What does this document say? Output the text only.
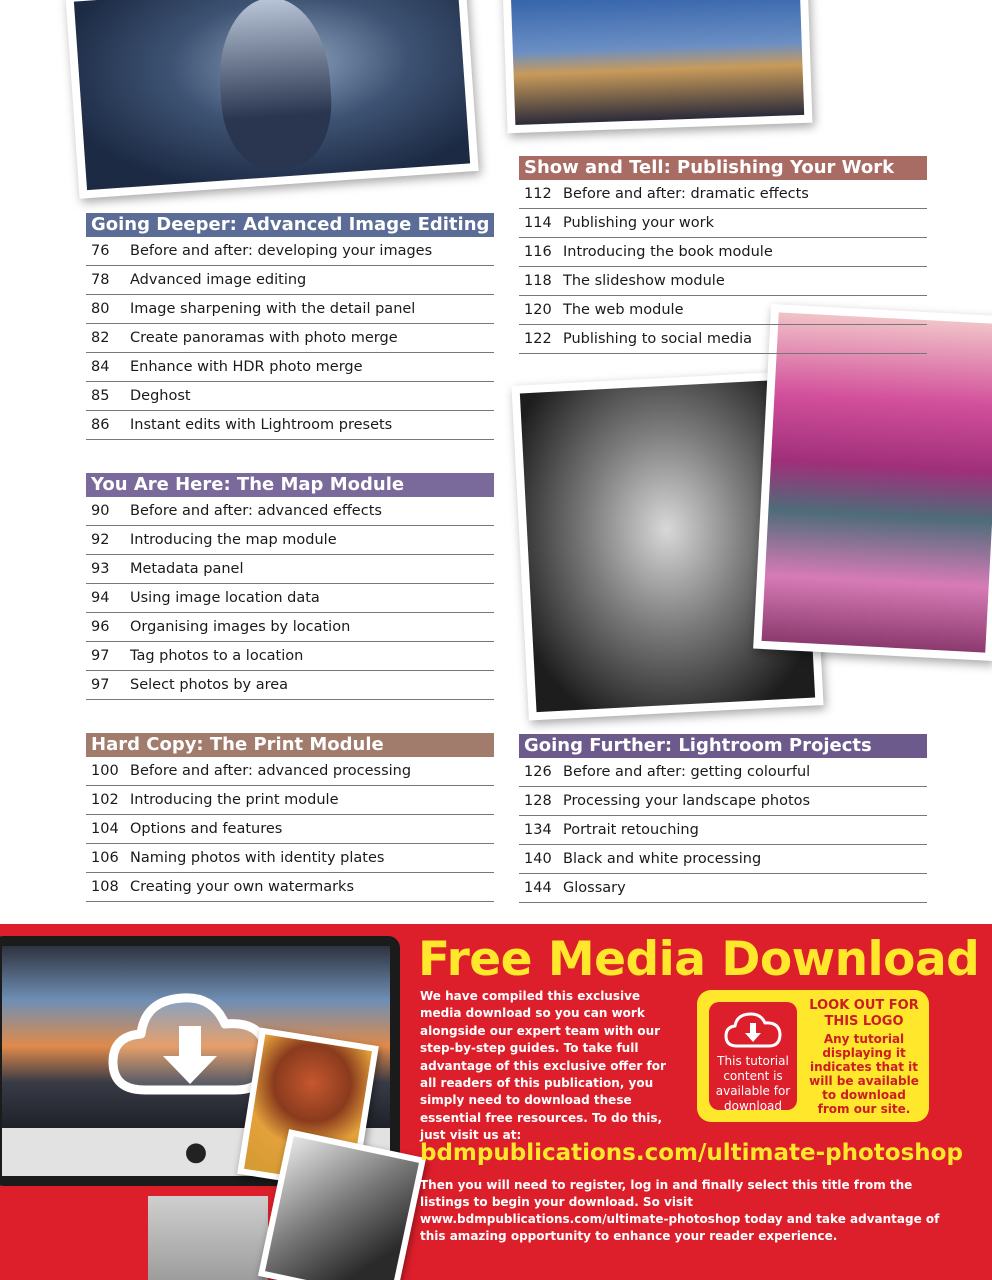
Going Deeper: Advanced Image Editing
76	Before and after: developing your images
78	Advanced image editing
80	Image sharpening with the detail panel
82	Create panoramas with photo merge
84	Enhance with HDR photo merge
85	Deghost
86	Instant edits with Lightroom presets
You Are Here: The Map Module
90	Before and after: advanced effects
92	Introducing the map module
93	Metadata panel
94	Using image location data
96	Organising images by location
97	Tag photos to a location
97	Select photos by area
Hard Copy: The Print Module
100 Before and after: advanced processing
102 Introducing the print module
104 Options and features
106 Naming photos with identity plates
108 Creating your own watermarks
Show and Tell: Publishing Your Work
112 Before and after: dramatic effects
114 Publishing your work
116 Introducing the book module
118 The slideshow module
120 The web module
122 Publishing to social media
Going Further: Lightroom Projects
126 Before and after: getting colourful
128 Processing your landscape photos
134 Portrait retouching
140 Black and white processing
144 Glossary
●
Free Media Download
We have compiled this exclusive media download so you can work alongside our expert team with our step-by-step guides. To take full advantage of this exclusive offer for all readers of this publication, you simply need to download these essential free resources. To do this, just visit us at:
This tutorial content is available for download
LOOK OUT FOR THIS LOGO
Any tutorial displaying it indicates that it will be available to download from our site.
bdmpublications.com/ultimate-photoshop
Then you will need to register, log in and finally select this title from the listings to begin your download. So visit www.bdmpublications.com/ultimate-photoshop today and take advantage of this amazing opportunity to enhance your reader experience.
